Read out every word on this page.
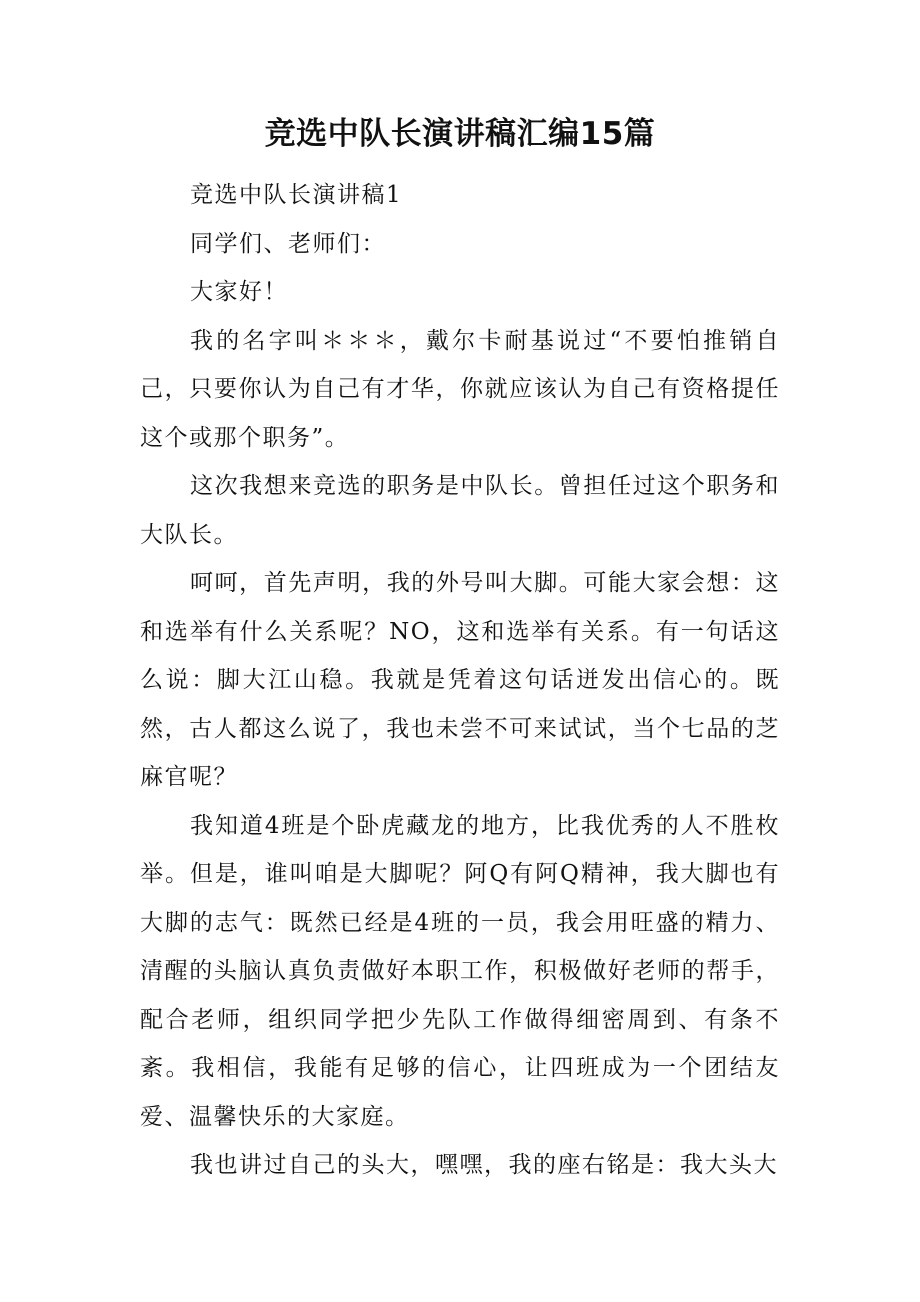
竞选中队长演讲稿汇编15篇

竞选中队长演讲稿1

同学们、老师们：

大家好！

我的名字叫＊＊＊，戴尔卡耐基说过“不要怕推销自己，只要你认为自己有才华，你就应该认为自己有资格提任这个或那个职务”。

这次我想来竞选的职务是中队长。曾担任过这个职务和大队长。

呵呵，首先声明，我的外号叫大脚。可能大家会想：这和选举有什么关系呢？NO，这和选举有关系。有一句话这么说：脚大江山稳。我就是凭着这句话迸发出信心的。既然，古人都这么说了，我也未尝不可来试试，当个七品的芝麻官呢？

我知道4班是个卧虎藏龙的地方，比我优秀的人不胜枚举。但是，谁叫咱是大脚呢？阿Q有阿Q精神，我大脚也有大脚的志气：既然已经是4班的一员，我会用旺盛的精力、清醒的头脑认真负责做好本职工作，积极做好老师的帮手，配合老师，组织同学把少先队工作做得细密周到、有条不紊。我相信，我能有足够的信心，让四班成为一个团结友爱、温馨快乐的大家庭。

我也讲过自己的头大，嘿嘿，我的座右铭是：我大头大
